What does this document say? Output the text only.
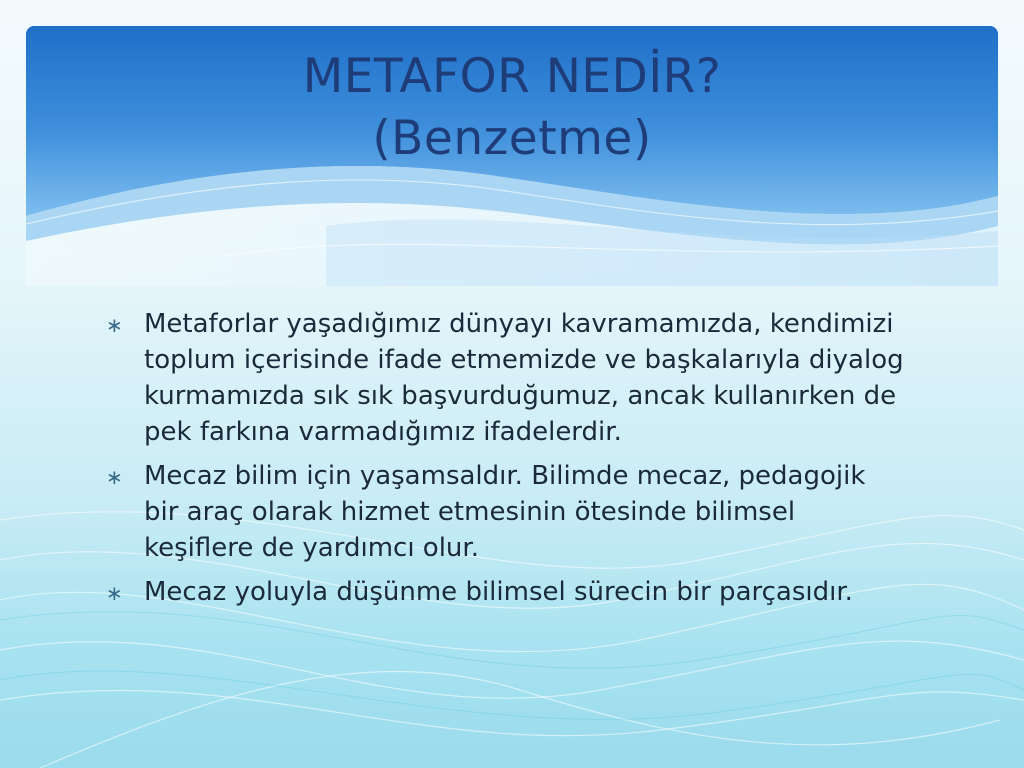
METAFOR NEDİR?
(Benzetme)
∗ Metaforlar yaşadığımız dünyayı kavramamızda, kendimizi toplum içerisinde ifade etmemizde ve başkalarıyla diyalog kurmamızda sık sık başvurduğumuz, ancak kullanırken de pek farkına varmadığımız ifadelerdir.
∗ Mecaz bilim için yaşamsaldır. Bilimde mecaz, pedagojik bir araç olarak hizmet etmesinin ötesinde bilimsel keşiflere de yardımcı olur.
∗ Mecaz yoluyla düşünme bilimsel sürecin bir parçasıdır.
